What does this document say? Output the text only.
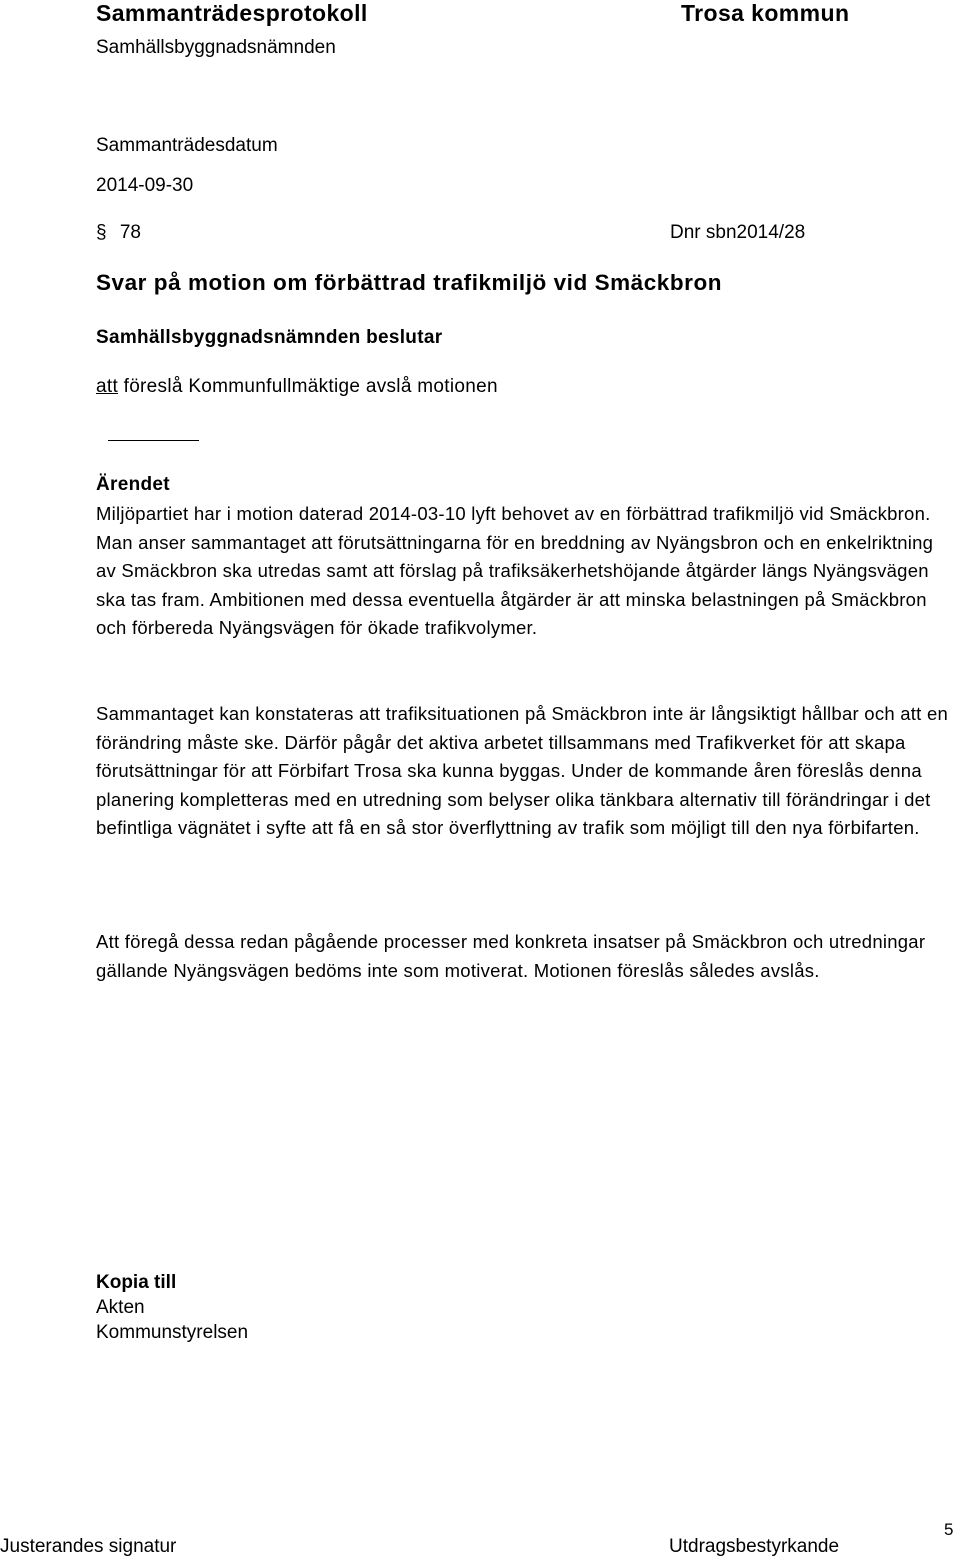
Sammanträdesprotokoll	Trosa kommun
Samhällsbyggnadsnämnden
Sammanträdesdatum
2014-09-30
§ 78	Dnr sbn2014/28
Svar på motion om förbättrad trafikmiljö vid Smäckbron
Samhällsbyggnadsnämnden beslutar
att föreslå Kommunfullmäktige avslå motionen
Ärendet

Miljöpartiet har i motion daterad 2014-03-10 lyft behovet av en förbättrad trafikmiljö vid Smäckbron. Man anser sammantaget att förutsättningarna för en breddning av Nyängsbron och en enkelriktning av Smäckbron ska utredas samt att förslag på trafiksäkerhetshöjande åtgärder längs Nyängsvägen ska tas fram. Ambitionen med dessa eventuella åtgärder är att minska belastningen på Smäckbron och förbereda Nyängsvägen för ökade trafikvolymer.

Sammantaget kan konstateras att trafiksituationen på Smäckbron inte är långsiktigt hållbar och att en förändring måste ske. Därför pågår det aktiva arbetet tillsammans med Trafikverket för att skapa förutsättningar för att Förbifart Trosa ska kunna byggas. Under de kommande åren föreslås denna planering kompletteras med en utredning som belyser olika tänkbara alternativ till förändringar i det befintliga vägnätet i syfte att få en så stor överflyttning av trafik som möjligt till den nya förbifarten.

Att föregå dessa redan pågående processer med konkreta insatser på Smäckbron och utredningar gällande Nyängsvägen bedöms inte som motiverat. Motionen föreslås således avslås.

Kopia till
Akten
Kommunstyrelsen
Justerandes signatur	Utdragsbestyrkande
5
